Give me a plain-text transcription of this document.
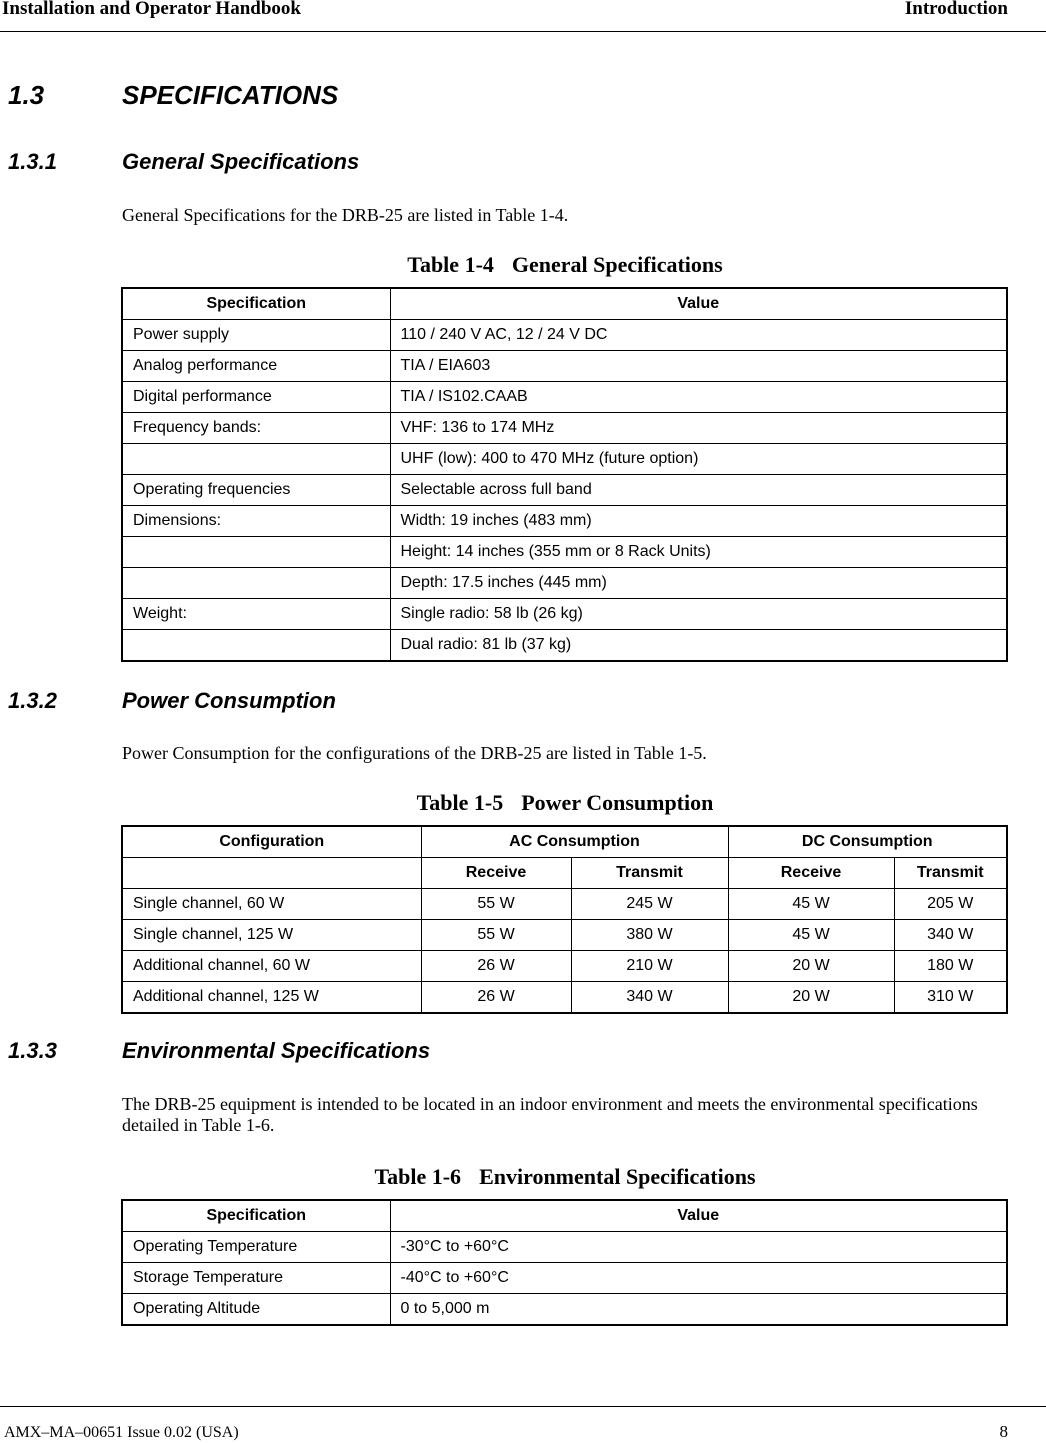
Installation and Operator Handbook	Introduction
1.3	SPECIFICATIONS
1.3.1	General Specifications
General Specifications for the DRB-25 are listed in Table 1-4.
Table 1-4 General Specifications
Specification	Value
Power supply	110 / 240 V AC, 12 / 24 V DC
Analog performance	TIA / EIA603
Digital performance	TIA / IS102.CAAB
Frequency bands:	VHF: 136 to 174 MHz
	UHF (low): 400 to 470 MHz (future option)
Operating frequencies	Selectable across full band
Dimensions:	Width: 19 inches (483 mm)
	Height: 14 inches (355 mm or 8 Rack Units)
	Depth: 17.5 inches (445 mm)
Weight:	Single radio: 58 lb (26 kg)
	Dual radio: 81 lb (37 kg)
1.3.2	Power Consumption
Power Consumption for the configurations of the DRB-25 are listed in Table 1-5.
Table 1-5 Power Consumption
Configuration	AC Consumption		DC Consumption	
	Receive	Transmit	Receive	Transmit
Single channel, 60 W	55 W	245 W	45 W	205 W
Single channel, 125 W	55 W	380 W	45 W	340 W
Additional channel, 60 W	26 W	210 W	20 W	180 W
Additional channel, 125 W	26 W	340 W	20 W	310 W
1.3.3	Environmental Specifications
The DRB-25 equipment is intended to be located in an indoor environment and meets the environmental specifications detailed in Table 1-6.
Table 1-6 Environmental Specifications
Specification	Value
Operating Temperature	-30°C to +60°C
Storage Temperature	-40°C to +60°C
Operating Altitude	0 to 5,000 m
AMX–MA–00651 Issue 0.02 (USA)	8
